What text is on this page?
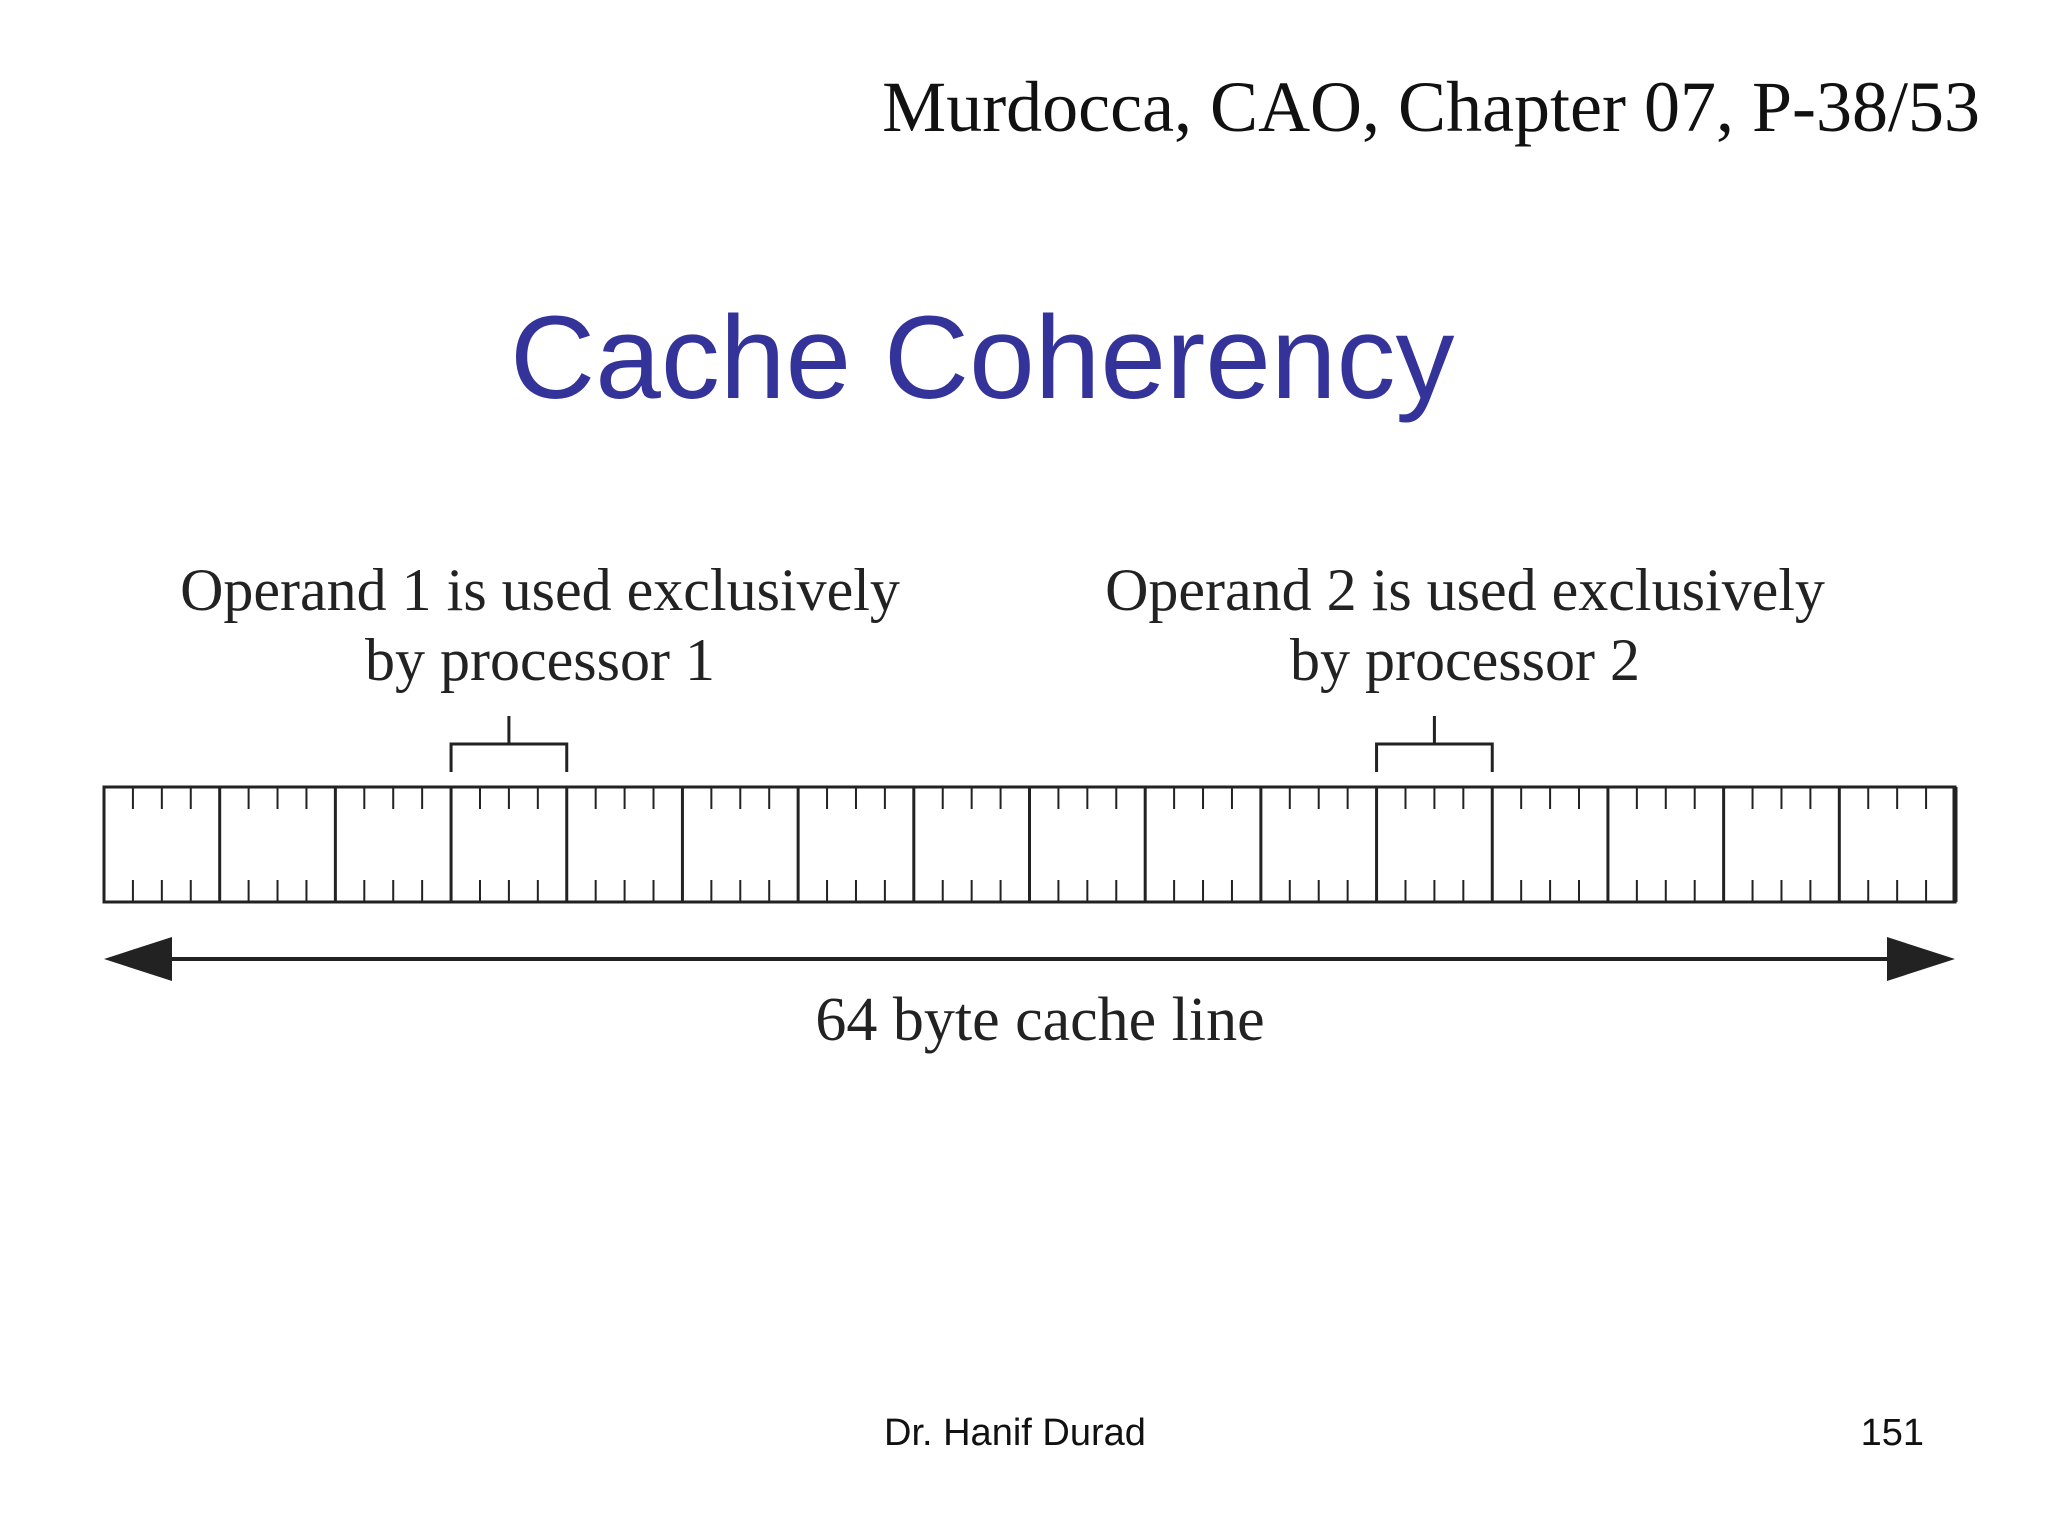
Murdocca, CAO, Chapter 07, P-38/53
Cache Coherency
Operand 1 is used exclusively
by processor 1
Operand 2 is used exclusively
by processor 2
64 byte cache line
Dr. Hanif Durad	151
